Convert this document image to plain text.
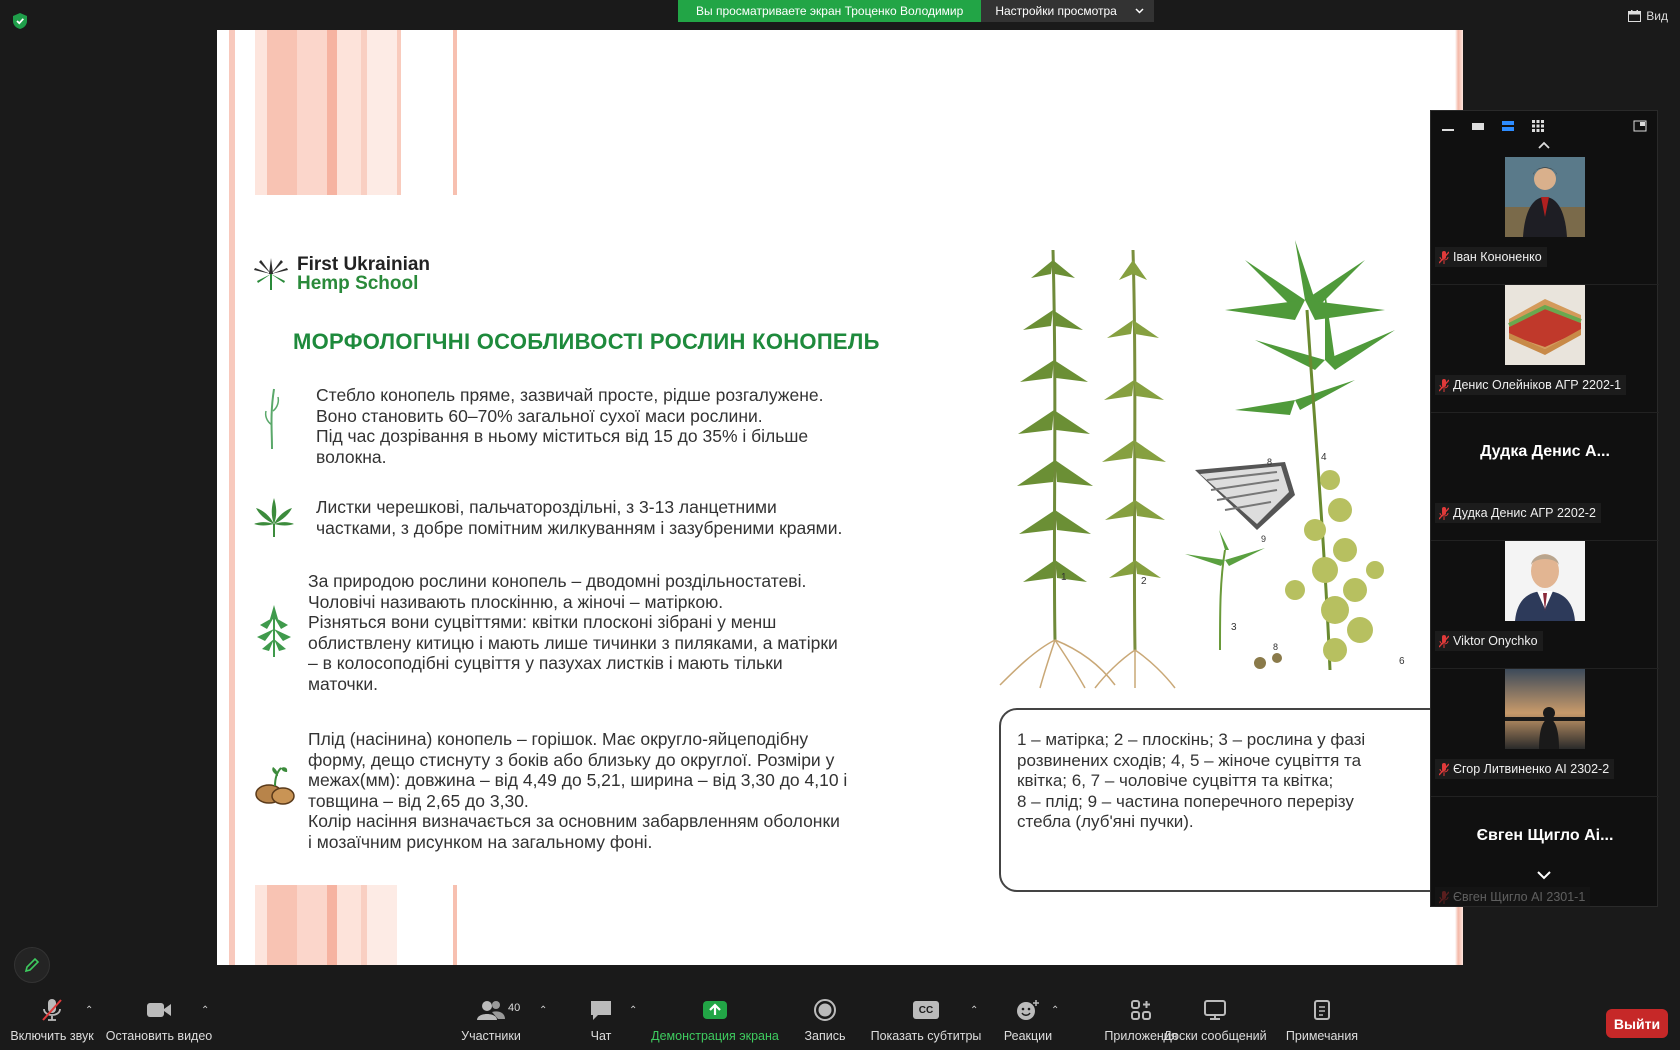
Вы просматриваете экран Троценко Володимир	Настройки просмотра	Вид
First Ukrainian
Hemp School
МОРФОЛОГІЧНІ ОСОБЛИВОСТІ РОСЛИН КОНОПЕЛЬ
Стебло конопель пряме, зазвичай просте, рідше розгалужене.
Воно становить 60–70% загальної сухої маси рослини.
Під час дозрівання в ньому міститься від 15 до 35% і більше
волокна.
Листки черешкові, пальчатороздільні, з 3-13 ланцетними
частками, з добре помітним жилкуванням і зазубреними краями.
За природою рослини конопель – дводомні роздільностатеві.
Чоловічі називають плоскінню, а жіночі – матіркою.
Різняться вони суцвіттями: квітки плосконі зібрані у менш
облиствлену китицю і мають лише тичинки з пиляками, а матірки
– в колосоподібні суцвіття у пазухах листків і мають тільки
маточки.
Плід (насінина) конопель – горішок. Має округло-яйцеподібну
форму, дещо стиснуту з боків або близьку до округлої. Розміри у
межах(мм): довжина – від 4,49 до 5,21, ширина – від 3,30 до 4,10 і
товщина – від 2,65 до 3,30.
Колір насіння визначається за основним забарвленням оболонки
і мозаїчним рисунком на загальному фоні.
1	2
4
8
9
3
6
8
1 – матірка; 2 – плоскінь; 3 – рослина у фазі
розвинених сходів; 4, 5 – жіноче суцвіття та
квітка; 6, 7 – чоловіче суцвіття та квітка;
8 – плід; 9 – частина поперечного перерізу
стебла (луб'яні пучки).
Іван Кононенко
Денис Олейніков АГР 2202-1
Дудка Денис А...
Дудка Денис АГР 2202-2
Viktor Onychko
Єгор Литвиненко АІ 2302-2
Євген Щигло Аі...
Євген Щигло АІ 2301-1
Включить звук
⌃
Остановить видео
⌃
Участники
40 ⌃
Чат
⌃
Демонстрация экрана Запись
CC
Показать субтитры
⌃
Реакции
⌃
Приложения
Доски сообщений Примечания
Выйти
